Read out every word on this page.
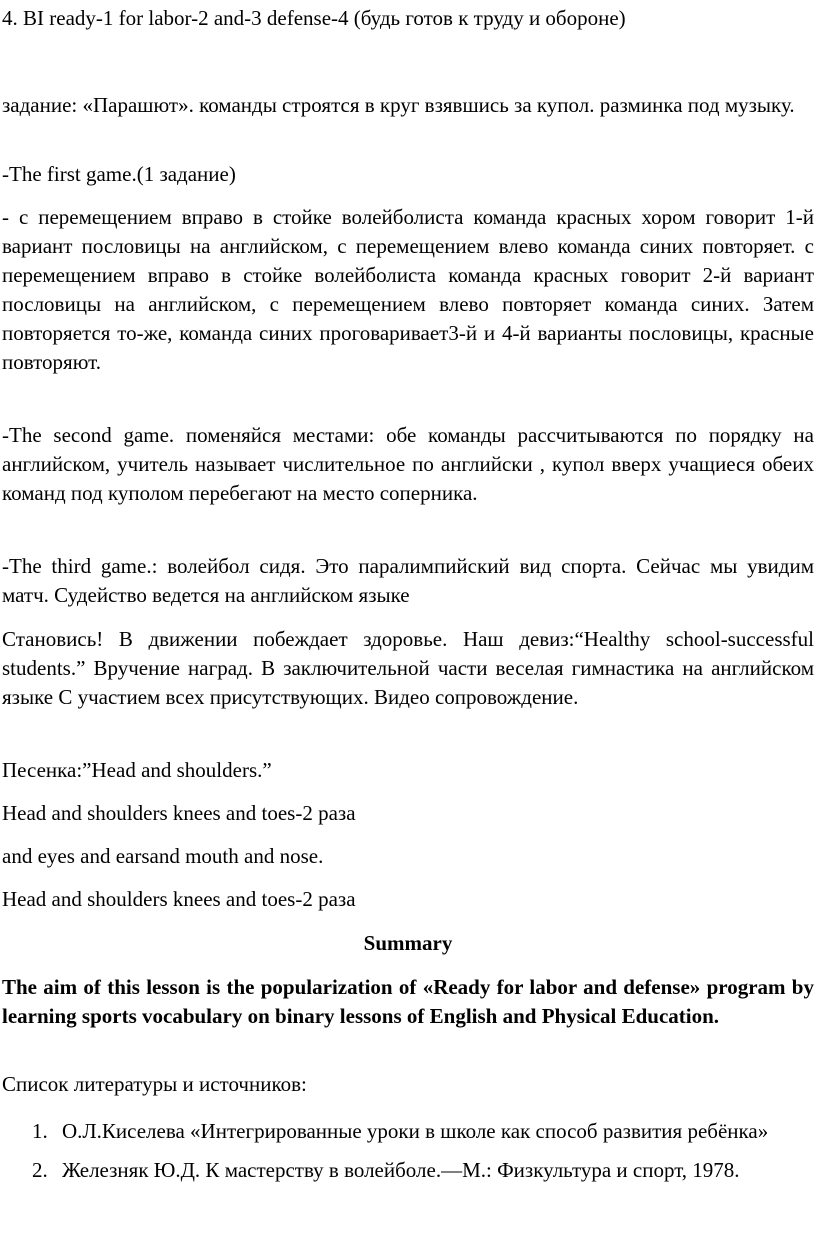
4. BI ready-1 for labor-2 and-3 defense-4 (будь готов к труду и обороне)

задание: «Парашют». команды строятся в круг взявшись за купол. разминка под музыку.

-The first game.(1 задание)

- с перемещением вправо в стойке волейболиста команда красных хором говорит 1-й вариант пословицы на английском, с перемещением влево команда синих повторяет. с перемещением вправо в стойке волейболиста команда красных говорит 2-й вариант пословицы на английском, с перемещением влево повторяет команда синих. Затем повторяется то-же, команда синих проговаривает3-й и 4-й варианты пословицы, красные повторяют.

-The second game. поменяйся местами: обе команды рассчитываются по порядку на английском, учитель называет числительное по английски , купол вверх учащиеся обеих команд под куполом перебегают на место соперника.

-The third game.: волейбол сидя. Это паралимпийский вид спорта. Сейчас мы увидим матч. Судейство ведется на английском языке

Становись! В движении побеждает здоровье. Наш девиз:“Healthy school-successful students.” Вручение наград. В заключительной части веселая гимнастика на английском языке С участием всех присутствующих. Видео сопровождение.

Песенка:”Head and shoulders.”

Head and shoulders knees and toes-2 раза

and eyes and earsand mouth and nose.

Head and shoulders knees and toes-2 раза

Summary

The aim of this lesson is the popularization of «Ready for labor and defense» program by learning sports vocabulary on binary lessons of English and Physical Education.

Список литературы и источников:

1. О.Л.Киселева «Интегрированные уроки в школе как способ развития ребёнка»
2. Железняк Ю.Д. К мастерству в волейболе.—М.: Физкультура и спорт, 1978.
